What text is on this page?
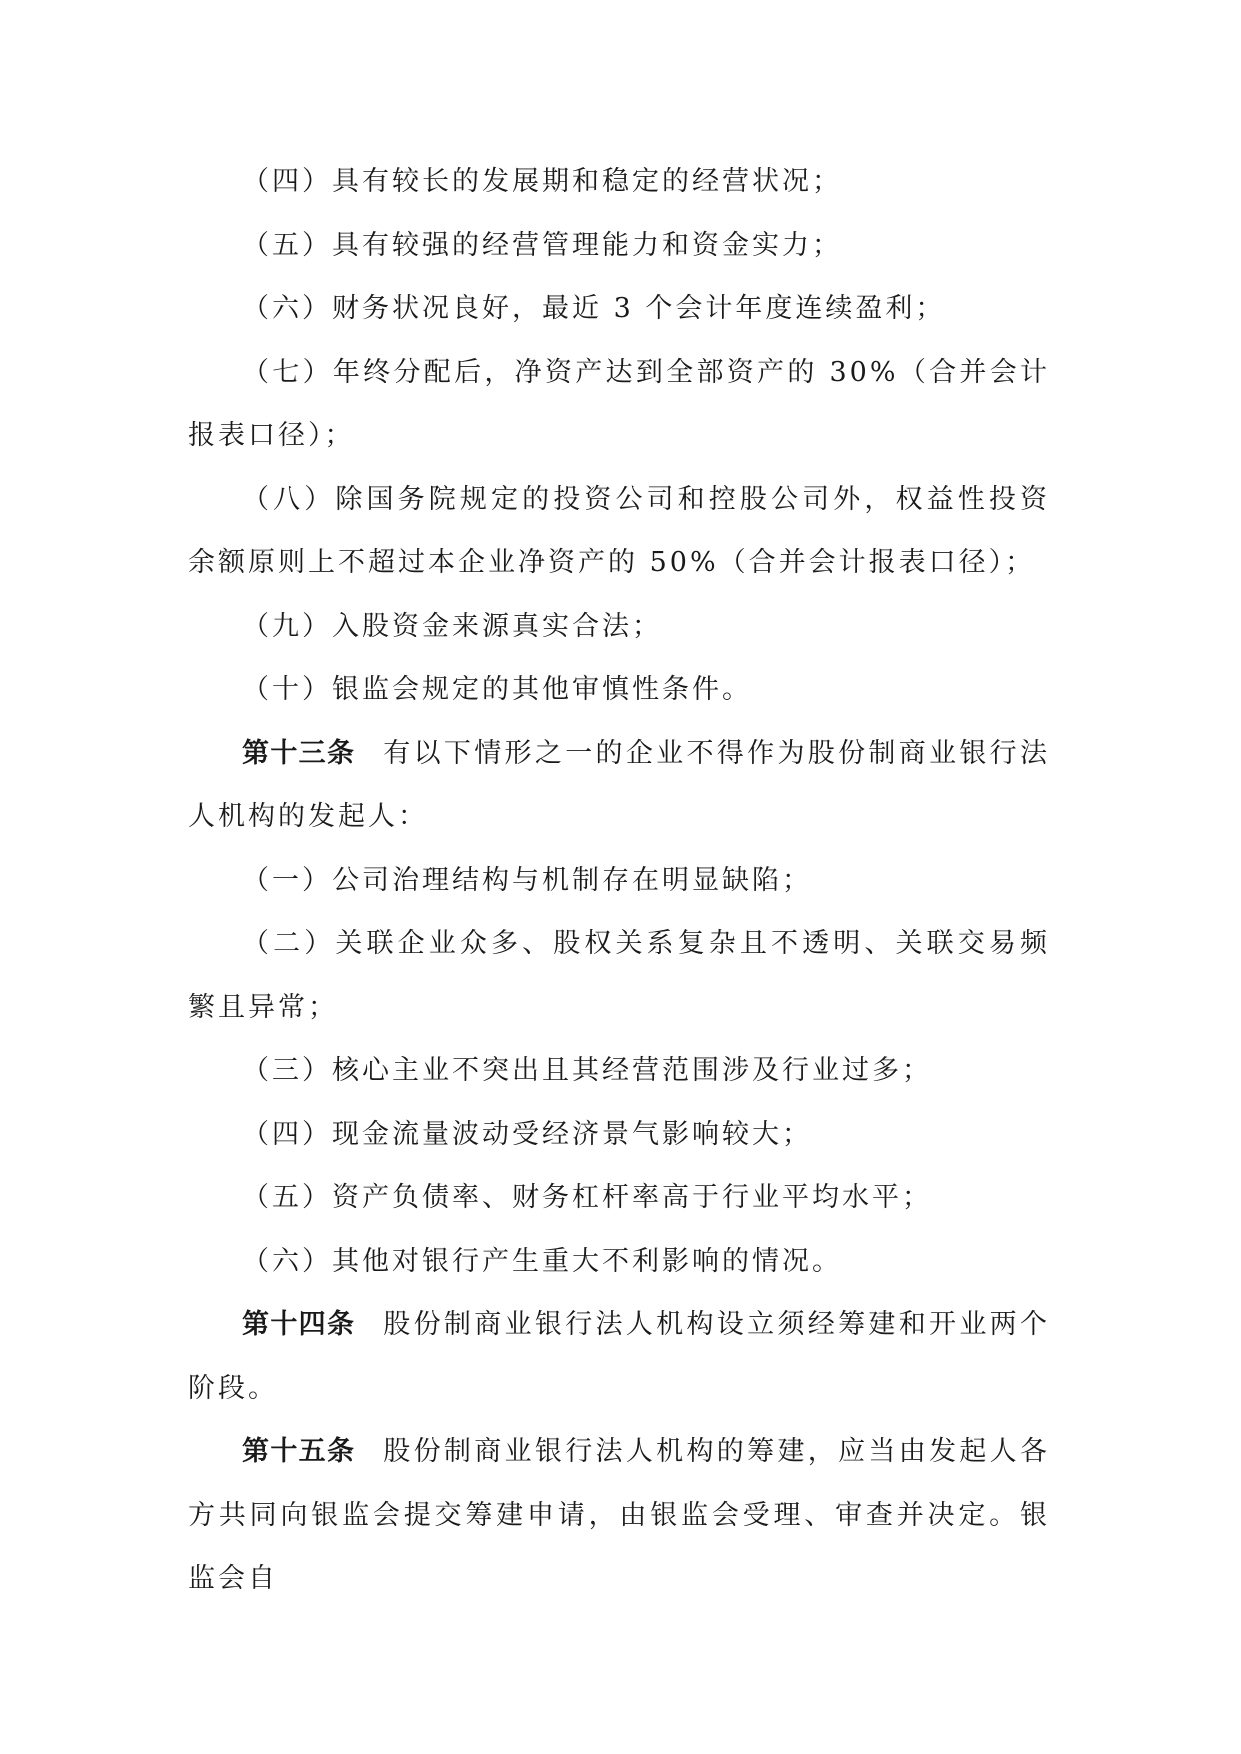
（四）具有较长的发展期和稳定的经营状况；

（五）具有较强的经营管理能力和资金实力；

（六）财务状况良好，最近 3 个会计年度连续盈利；

（七）年终分配后，净资产达到全部资产的 30%（合并会计报表口径）；

（八）除国务院规定的投资公司和控股公司外，权益性投资余额原则上不超过本企业净资产的 50%（合并会计报表口径）；

（九）入股资金来源真实合法；

（十）银监会规定的其他审慎性条件。

第十三条 有以下情形之一的企业不得作为股份制商业银行法人机构的发起人：

（一）公司治理结构与机制存在明显缺陷；

（二）关联企业众多、股权关系复杂且不透明、关联交易频繁且异常；

（三）核心主业不突出且其经营范围涉及行业过多；

（四）现金流量波动受经济景气影响较大；

（五）资产负债率、财务杠杆率高于行业平均水平；

（六）其他对银行产生重大不利影响的情况。

第十四条 股份制商业银行法人机构设立须经筹建和开业两个阶段。

第十五条 股份制商业银行法人机构的筹建，应当由发起人各方共同向银监会提交筹建申请，由银监会受理、审查并决定。银监会自
